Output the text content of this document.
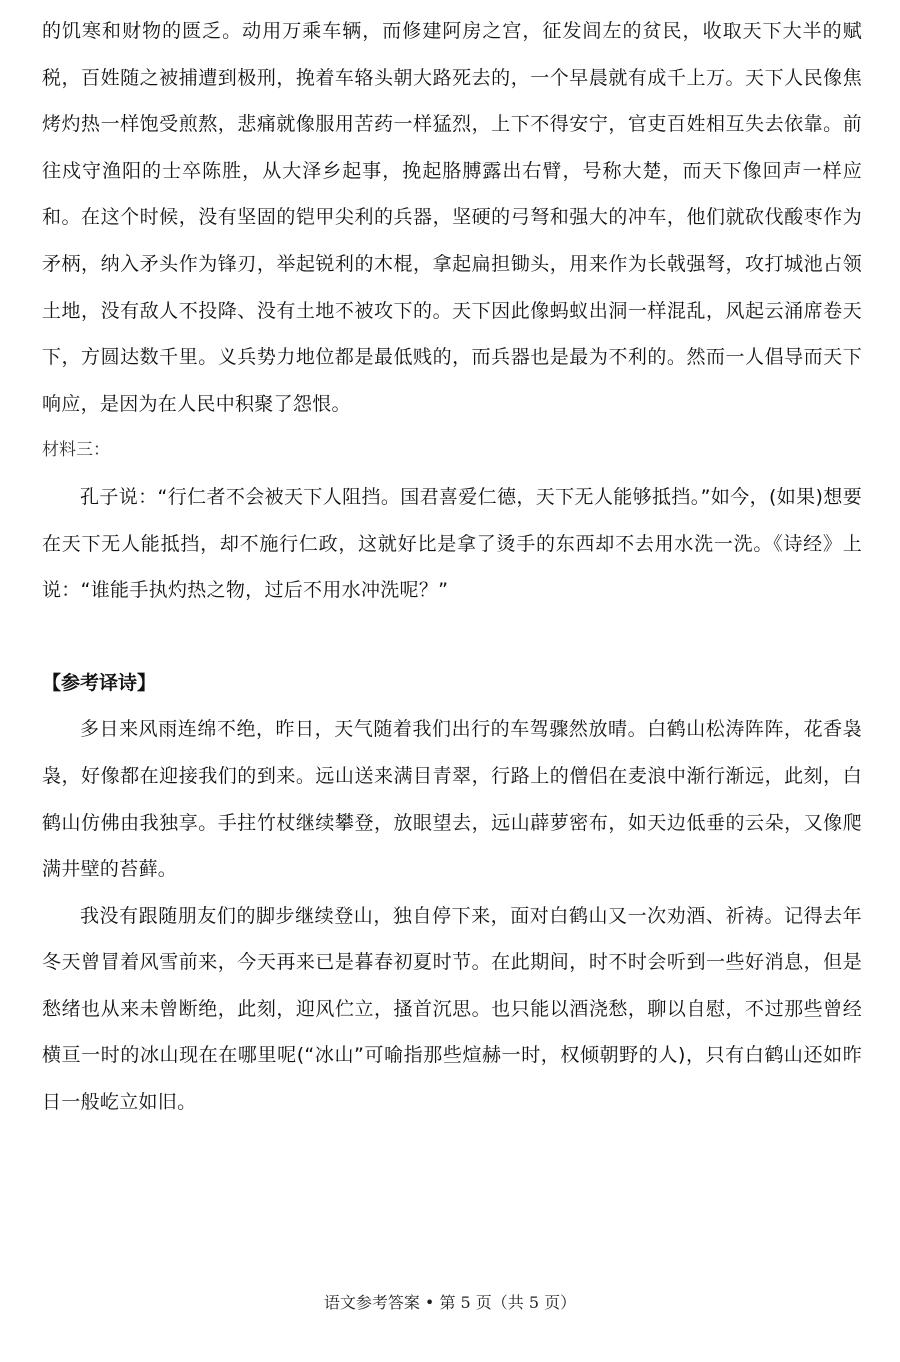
的饥寒和财物的匮乏。动用万乘车辆，而修建阿房之宫，征发闾左的贫民，收取天下大半的赋税，百姓随之被捕遭到极刑，挽着车辂头朝大路死去的，一个早晨就有成千上万。天下人民像焦烤灼热一样饱受煎熬，悲痛就像服用苦药一样猛烈，上下不得安宁，官吏百姓相互失去依靠。前往戍守渔阳的士卒陈胜，从大泽乡起事，挽起胳膊露出右臂，号称大楚，而天下像回声一样应和。在这个时候，没有坚固的铠甲尖利的兵器，坚硬的弓弩和强大的冲车，他们就砍伐酸枣作为矛柄，纳入矛头作为锋刃，举起锐利的木棍，拿起扁担锄头，用来作为长戟强弩，攻打城池占领土地，没有敌人不投降、没有土地不被攻下的。天下因此像蚂蚁出洞一样混乱，风起云涌席卷天下，方圆达数千里。义兵势力地位都是最低贱的，而兵器也是最为不利的。然而一人倡导而天下响应，是因为在人民中积聚了怨恨。

材料三：

孔子说：“行仁者不会被天下人阻挡。国君喜爱仁德，天下无人能够抵挡。”如今，(如果)想要在天下无人能抵挡，却不施行仁政，这就好比是拿了烫手的东西却不去用水洗一洗。《诗经》上说：“谁能手执灼热之物，过后不用水冲洗呢？”

【参考译诗】

多日来风雨连绵不绝，昨日，天气随着我们出行的车驾骤然放晴。白鹤山松涛阵阵，花香袅袅，好像都在迎接我们的到来。远山送来满目青翠，行路上的僧侣在麦浪中渐行渐远，此刻，白鹤山仿佛由我独享。手拄竹杖继续攀登，放眼望去，远山薜萝密布，如天边低垂的云朵，又像爬满井壁的苔藓。

我没有跟随朋友们的脚步继续登山，独自停下来，面对白鹤山又一次劝酒、祈祷。记得去年冬天曾冒着风雪前来，今天再来已是暮春初夏时节。在此期间，时不时会听到一些好消息，但是愁绪也从来未曾断绝，此刻，迎风伫立，搔首沉思。也只能以酒浇愁，聊以自慰，不过那些曾经横亘一时的冰山现在在哪里呢(“冰山”可喻指那些煊赫一时，权倾朝野的人)，只有白鹤山还如昨日一般屹立如旧。

语文参考答案 • 第 5 页（共 5 页）
